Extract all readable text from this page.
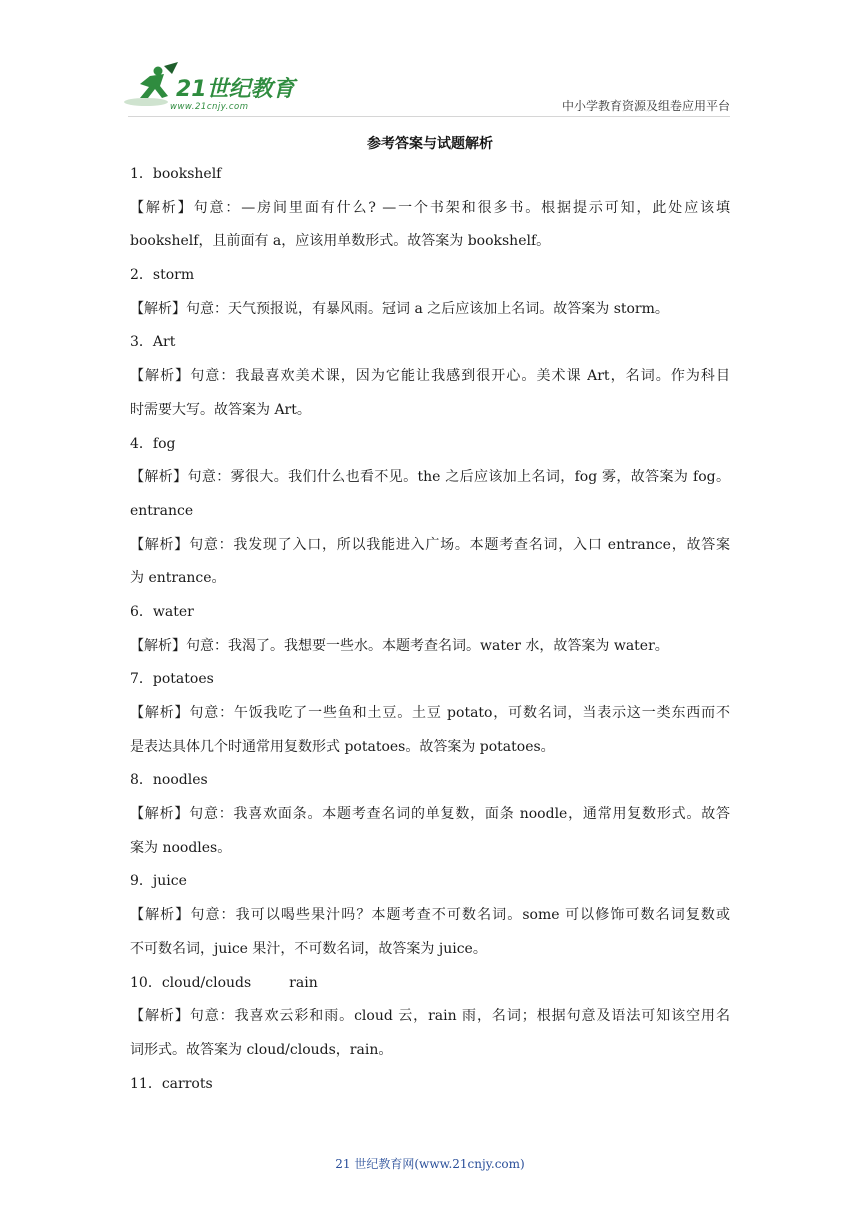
21世纪教育
www.21cnjy.com	中小学教育资源及组卷应用平台
参考答案与试题解析
1．bookshelf
【解析】句意：—房间里面有什么? —一个书架和很多书。根据提示可知，此处应该填
bookshelf，且前面有 a，应该用单数形式。故答案为 bookshelf。
2．storm
【解析】句意：天气预报说，有暴风雨。冠词 a 之后应该加上名词。故答案为 storm。
3．Art
【解析】句意：我最喜欢美术课，因为它能让我感到很开心。美术课 Art，名词。作为科目
时需要大写。故答案为 Art。
4．fog
【解析】句意：雾很大。我们什么也看不见。the 之后应该加上名词，fog 雾，故答案为 fog。
entrance
【解析】句意：我发现了入口，所以我能进入广场。本题考查名词，入口 entrance，故答案
为 entrance。
6．water
【解析】句意：我渴了。我想要一些水。本题考查名词。water 水，故答案为 water。
7．potatoes
【解析】句意：午饭我吃了一些鱼和土豆。土豆 potato，可数名词，当表示这一类东西而不
是表达具体几个时通常用复数形式 potatoes。故答案为 potatoes。
8．noodles
【解析】句意：我喜欢面条。本题考查名词的单复数，面条 noodle，通常用复数形式。故答
案为 noodles。
9．juice
【解析】句意：我可以喝些果汁吗？本题考查不可数名词。some 可以修饰可数名词复数或
不可数名词，juice 果汁，不可数名词，故答案为 juice。
10．cloud/clouds	rain
【解析】句意：我喜欢云彩和雨。cloud 云，rain 雨，名词；根据句意及语法可知该空用名
词形式。故答案为 cloud/clouds，rain。
11．carrots
21 世纪教育网(www.21cnjy.com)
